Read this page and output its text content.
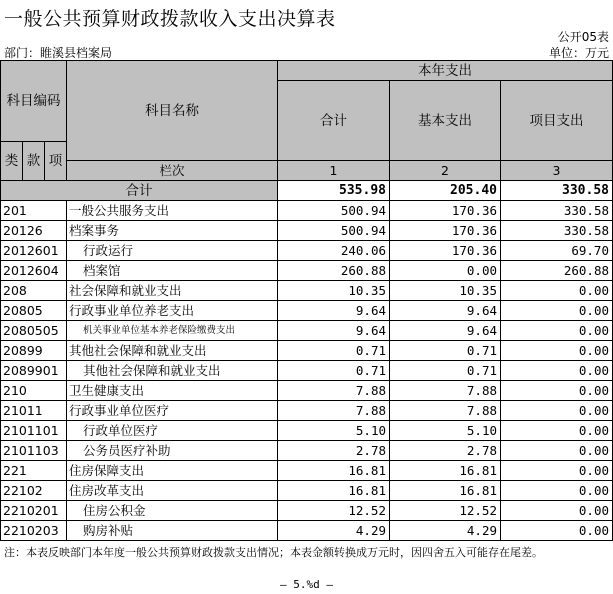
一般公共预算财政拨款收入支出决算表
公开05表
部门：睢溪县档案局	单位：万元
科目编码
类 款 项	科目名称	本年支出		
		合计	基本支出	项目支出

	栏次	1	2	3
合计		535.98	205.40	330.58
201	一般公共服务支出	500.94	170.36	330.58
20126	档案事务	500.94	170.36	330.58
2012601	行政运行	240.06	170.36	69.70
2012604	档案馆	260.88	0.00	260.88
208	社会保障和就业支出	10.35	10.35	0.00
20805	行政事业单位养老支出	9.64	9.64	0.00
2080505	机关事业单位基本养老保险缴费支出	9.64	9.64	0.00
20899	其他社会保障和就业支出	0.71	0.71	0.00
2089901	其他社会保障和就业支出	0.71	0.71	0.00
210	卫生健康支出	7.88	7.88	0.00
21011	行政事业单位医疗	7.88	7.88	0.00
2101101	行政单位医疗	5.10	5.10	0.00
2101103	公务员医疗补助	2.78	2.78	0.00
221	住房保障支出	16.81	16.81	0.00
22102	住房改革支出	16.81	16.81	0.00
2210201	住房公积金	12.52	12.52	0.00
2210203	购房补贴	4.29	4.29	0.00
注：本表反映部门本年度一般公共预算财政拨款支出情况；本表金额转换成万元时，因四舍五入可能存在尾差。
— 5.%d —
